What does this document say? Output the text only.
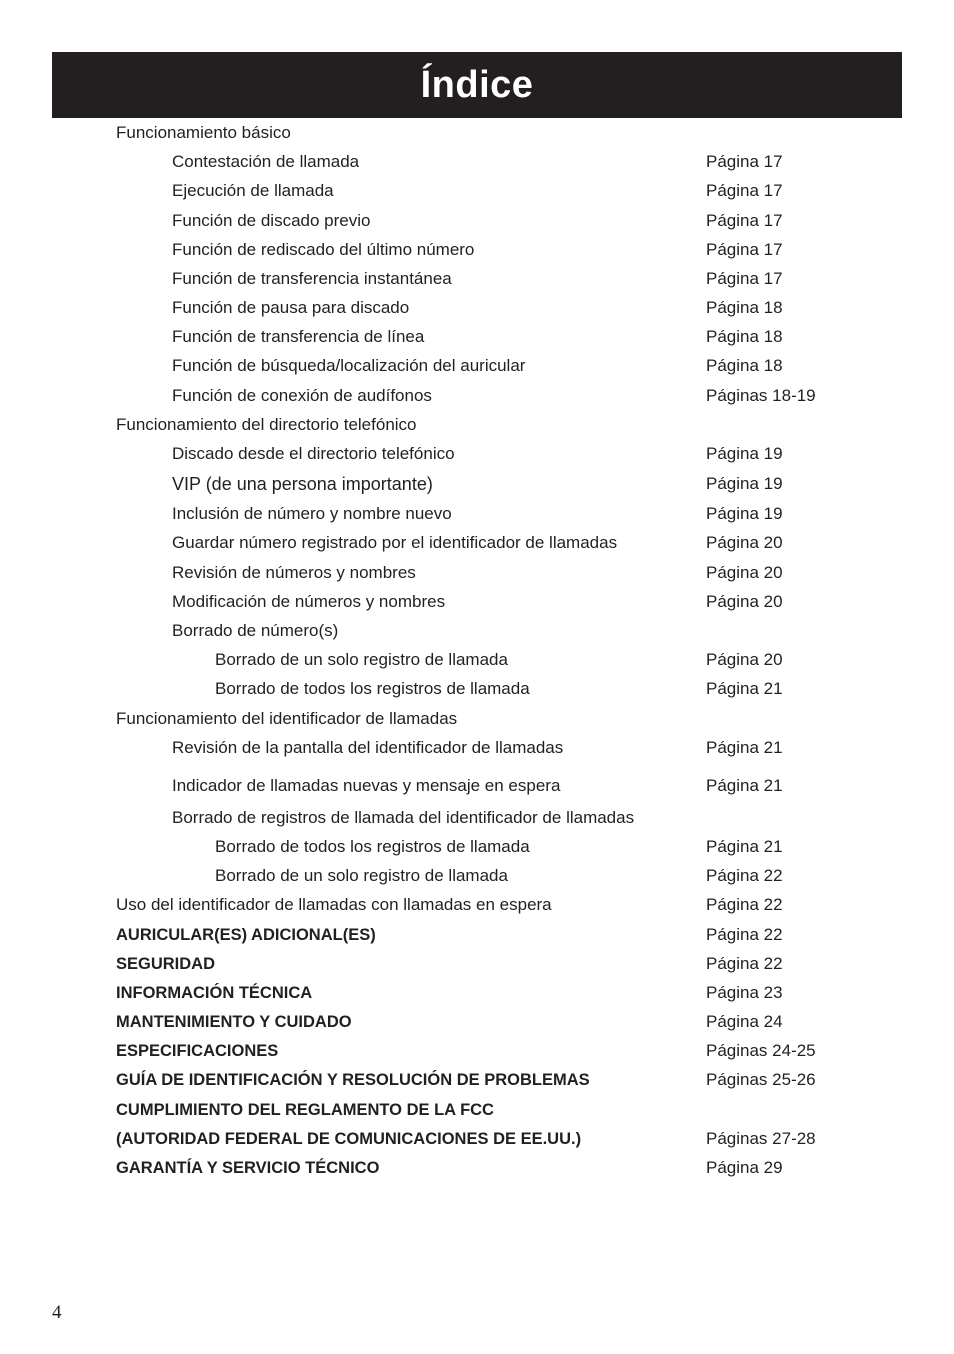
Índice
Funcionamiento básico
Contestación de llamada	Página 17
Ejecución de llamada	Página 17
Función de discado previo	Página 17
Función de rediscado del último número	Página 17
Función de transferencia instantánea	Página 17
Función de pausa para discado	Página 18
Función de transferencia de línea	Página 18
Función de búsqueda/localización del auricular	Página 18
Función de conexión de audífonos	Páginas 18-19
Funcionamiento del directorio telefónico
Discado desde el directorio telefónico	Página 19
VIP (de una persona importante)	Página 19
Inclusión de número y nombre nuevo	Página 19
Guardar número registrado por el identificador de llamadas	Página 20
Revisión de números y nombres	Página 20
Modificación de números y nombres	Página 20
Borrado de número(s)
Borrado de un solo registro de llamada	Página 20
Borrado de todos los registros de llamada	Página 21
Funcionamiento del identificador de llamadas
Revisión de la pantalla del identificador de llamadas	Página 21
Indicador de llamadas nuevas y mensaje en espera	Página 21
Borrado de registros de llamada del identificador de llamadas
Borrado de todos los registros de llamada	Página 21
Borrado de un solo registro de llamada	Página 22
Uso del identificador de llamadas con llamadas en espera	Página 22
AURICULAR(ES) ADICIONAL(ES)	Página 22
SEGURIDAD	Página 22
INFORMACIÓN TÉCNICA	Página 23
MANTENIMIENTO Y CUIDADO	Página 24
ESPECIFICACIONES	Páginas 24-25
GUÍA DE IDENTIFICACIÓN Y RESOLUCIÓN DE PROBLEMAS	Páginas 25-26
CUMPLIMIENTO DEL REGLAMENTO DE LA FCC
(AUTORIDAD FEDERAL DE COMUNICACIONES DE EE.UU.)	Páginas 27-28
GARANTÍA Y SERVICIO TÉCNICO	Página 29
4
